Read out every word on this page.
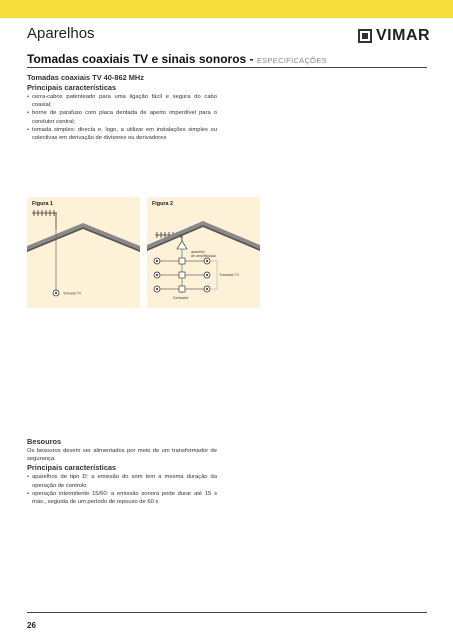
Aparelhos	VIMAR
Tomadas coaxiais TV e sinais sonoros - ESPECIFICAÇÕES
Tomadas coaxiais TV 40-862 MHz
Principais características
• cerra-cabos patenteado para uma ligação fácil e segura do cabo coaxial;
• borne de parafuso com placa dentada de aperto imperdível para o condutor central;
• tomada simples: directa e, logo, a utilizar em instalações simples ou colectivas em derivação de divisores ou derivadores
Tomada TV
Figura 1
aparelho
de amplificação
Tomadas TV
Derivador
Figura 2
Besouros
Os besouros devem ser alimentados por meio de um transformador de segurança.
Principais características
• aparelhos de tipo D: a emissão do som tem a mesma duração da operação de controlo
• operação intermitente 15/60: a emissão sonora pode durar até 15 s máx., seguida de um período de repouso de 60 s
26
